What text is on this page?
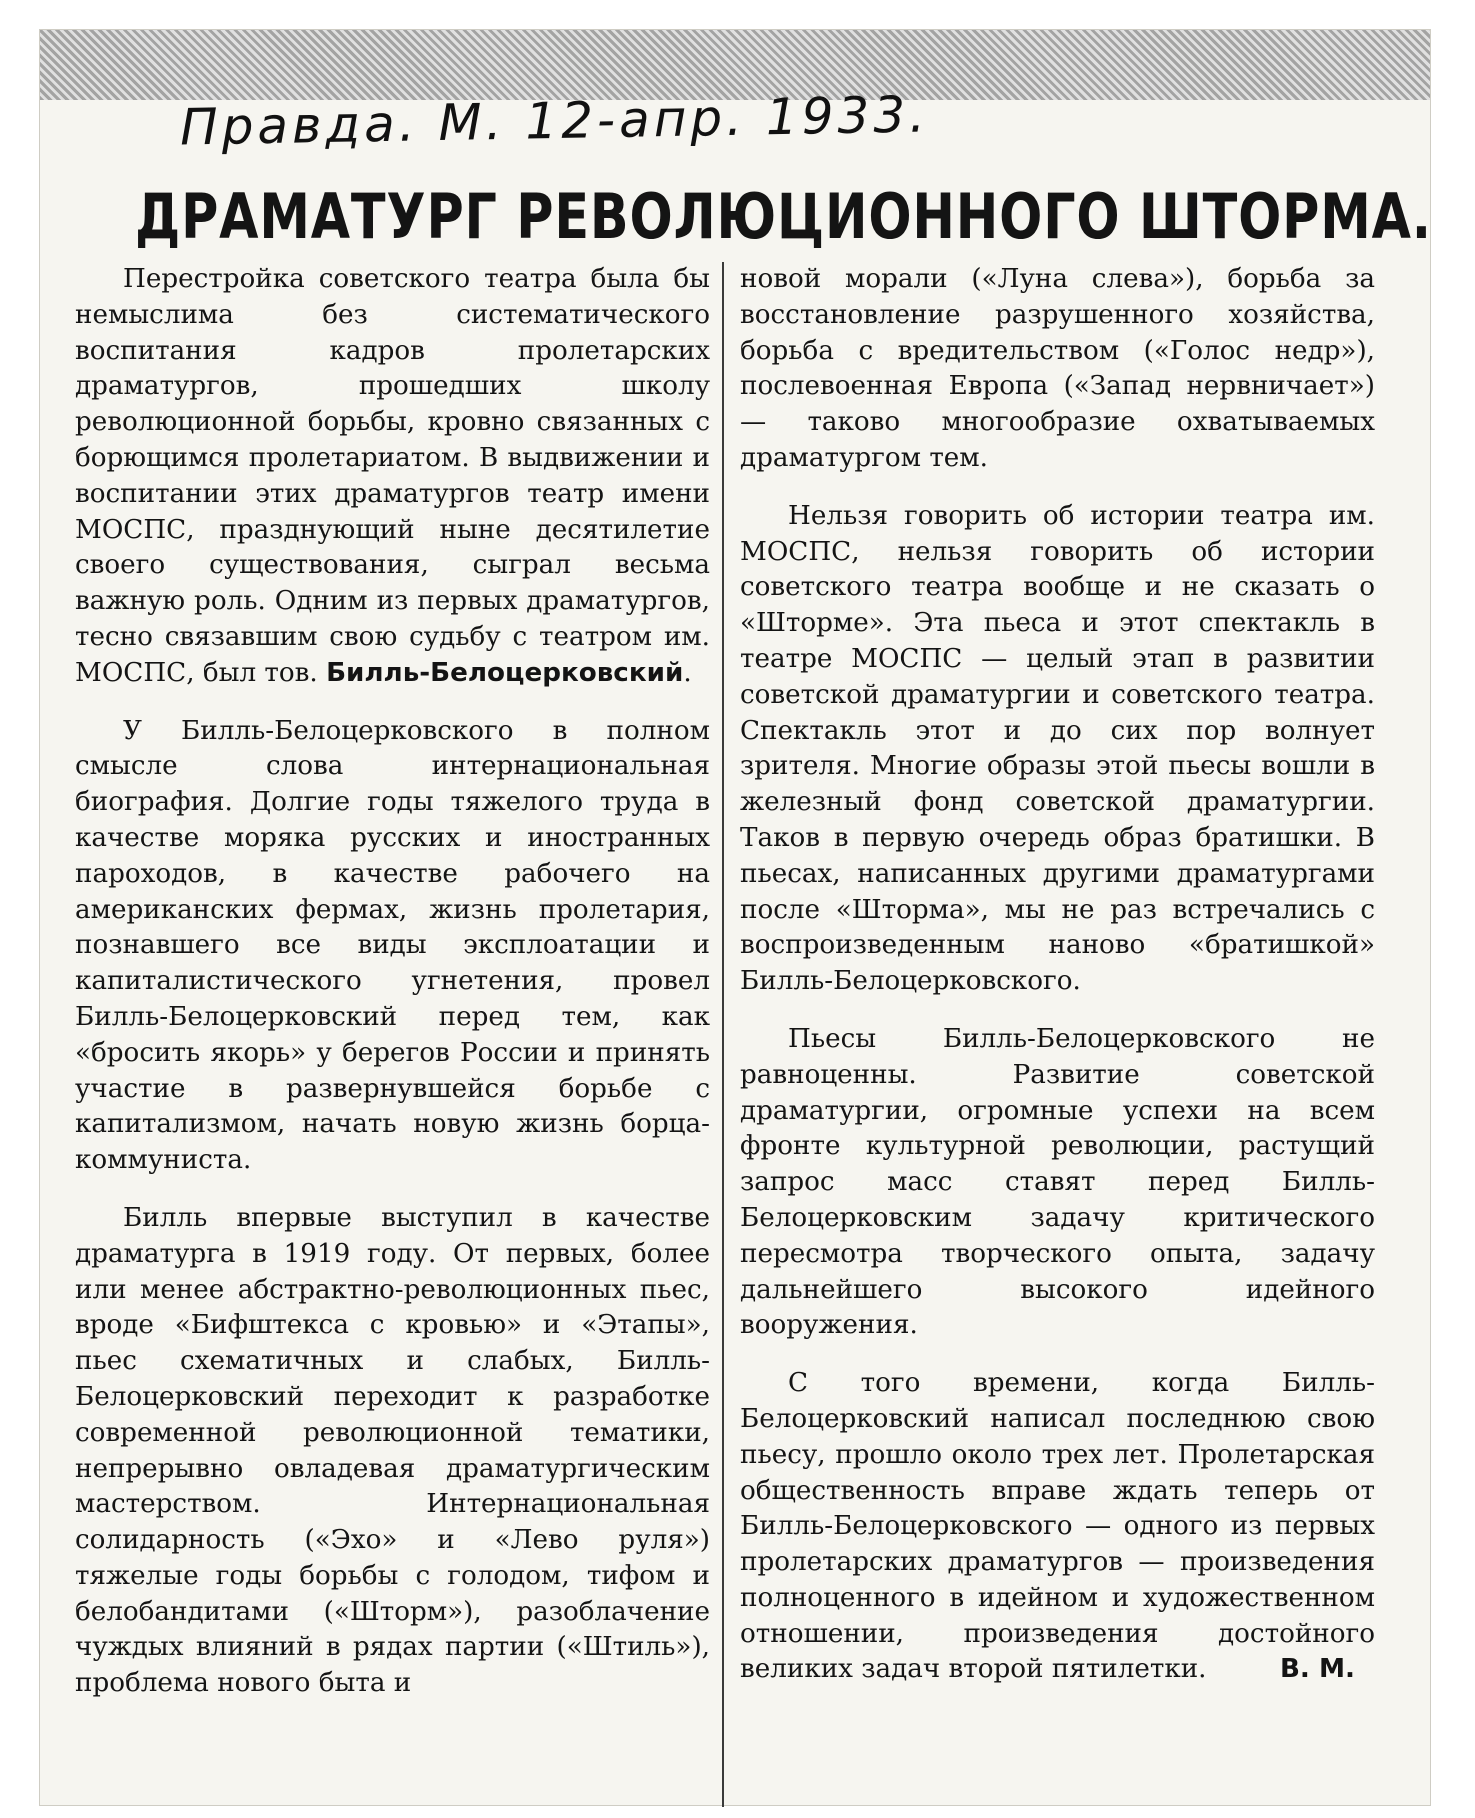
Правда. М. 12-апр. 1933.
ДРАМАТУРГ РЕВОЛЮЦИОННОГО ШТОРМА.

Перестройка советского театра была бы немыслима без систематического воспитания кадров пролетарских драматургов, прошедших школу революционной борьбы, кровно связанных с борющимся пролетариатом. В выдвижении и воспитании этих драматургов театр имени МОСПС, празднующий ныне десятилетие своего существования, сыграл весьма важную роль. Одним из первых драматургов, тесно связавшим свою судьбу с театром им. МОСПС, был тов. Билль-Белоцерковский.

У Билль-Белоцерковского в полном смысле слова интернациональная биография. Долгие годы тяжелого труда в качестве моряка русских и иностранных пароходов, в качестве рабочего на американских фермах, жизнь пролетария, познавшего все виды эксплоатации и капиталистического угнетения, провел Билль-Белоцерковский перед тем, как «бросить якорь» у берегов России и принять участие в развернувшейся борьбе с капитализмом, начать новую жизнь борца-коммуниста.

Билль впервые выступил в качестве драматурга в 1919 году. От первых, более или менее абстрактно-революционных пьес, вроде «Бифштекса с кровью» и «Этапы», пьес схематичных и слабых, Билль-Белоцерковский переходит к разработке современной революционной тематики, непрерывно овладевая драматургическим мастерством. Интернациональная солидарность («Эхо» и «Лево руля») тяжелые годы борьбы с голодом, тифом и белобандитами («Шторм»), разоблачение чуждых влияний в рядах партии («Штиль»), проблема нового быта и

новой морали («Луна слева»), борьба за восстановление разрушенного хозяйства, борьба с вредительством («Голос недр»), послевоенная Европа («Запад нервничает») — таково многообразие охватываемых драматургом тем.

Нельзя говорить об истории театра им. МОСПС, нельзя говорить об истории советского театра вообще и не сказать о «Шторме». Эта пьеса и этот спектакль в театре МОСПС — целый этап в развитии советской драматургии и советского театра. Спектакль этот и до сих пор волнует зрителя. Многие образы этой пьесы вошли в железный фонд советской драматургии. Таков в первую очередь образ братишки. В пьесах, написанных другими драматургами после «Шторма», мы не раз встречались с воспроизведенным наново «братишкой» Билль-Белоцерковского.

Пьесы Билль-Белоцерковского не равноценны. Развитие советской драматургии, огромные успехи на всем фронте культурной революции, растущий запрос масс ставят перед Билль-Белоцерковским задачу критического пересмотра творческого опыта, задачу дальнейшего высокого идейного вооружения.

С того времени, когда Билль-Белоцерковский написал последнюю свою пьесу, прошло около трех лет. Пролетарская общественность вправе ждать теперь от Билль-Белоцерковского — одного из первых пролетарских драматургов — произведения полноценного в идейном и художественном отношении, произведения достойного великих задач второй пятилетки.	В. М.
